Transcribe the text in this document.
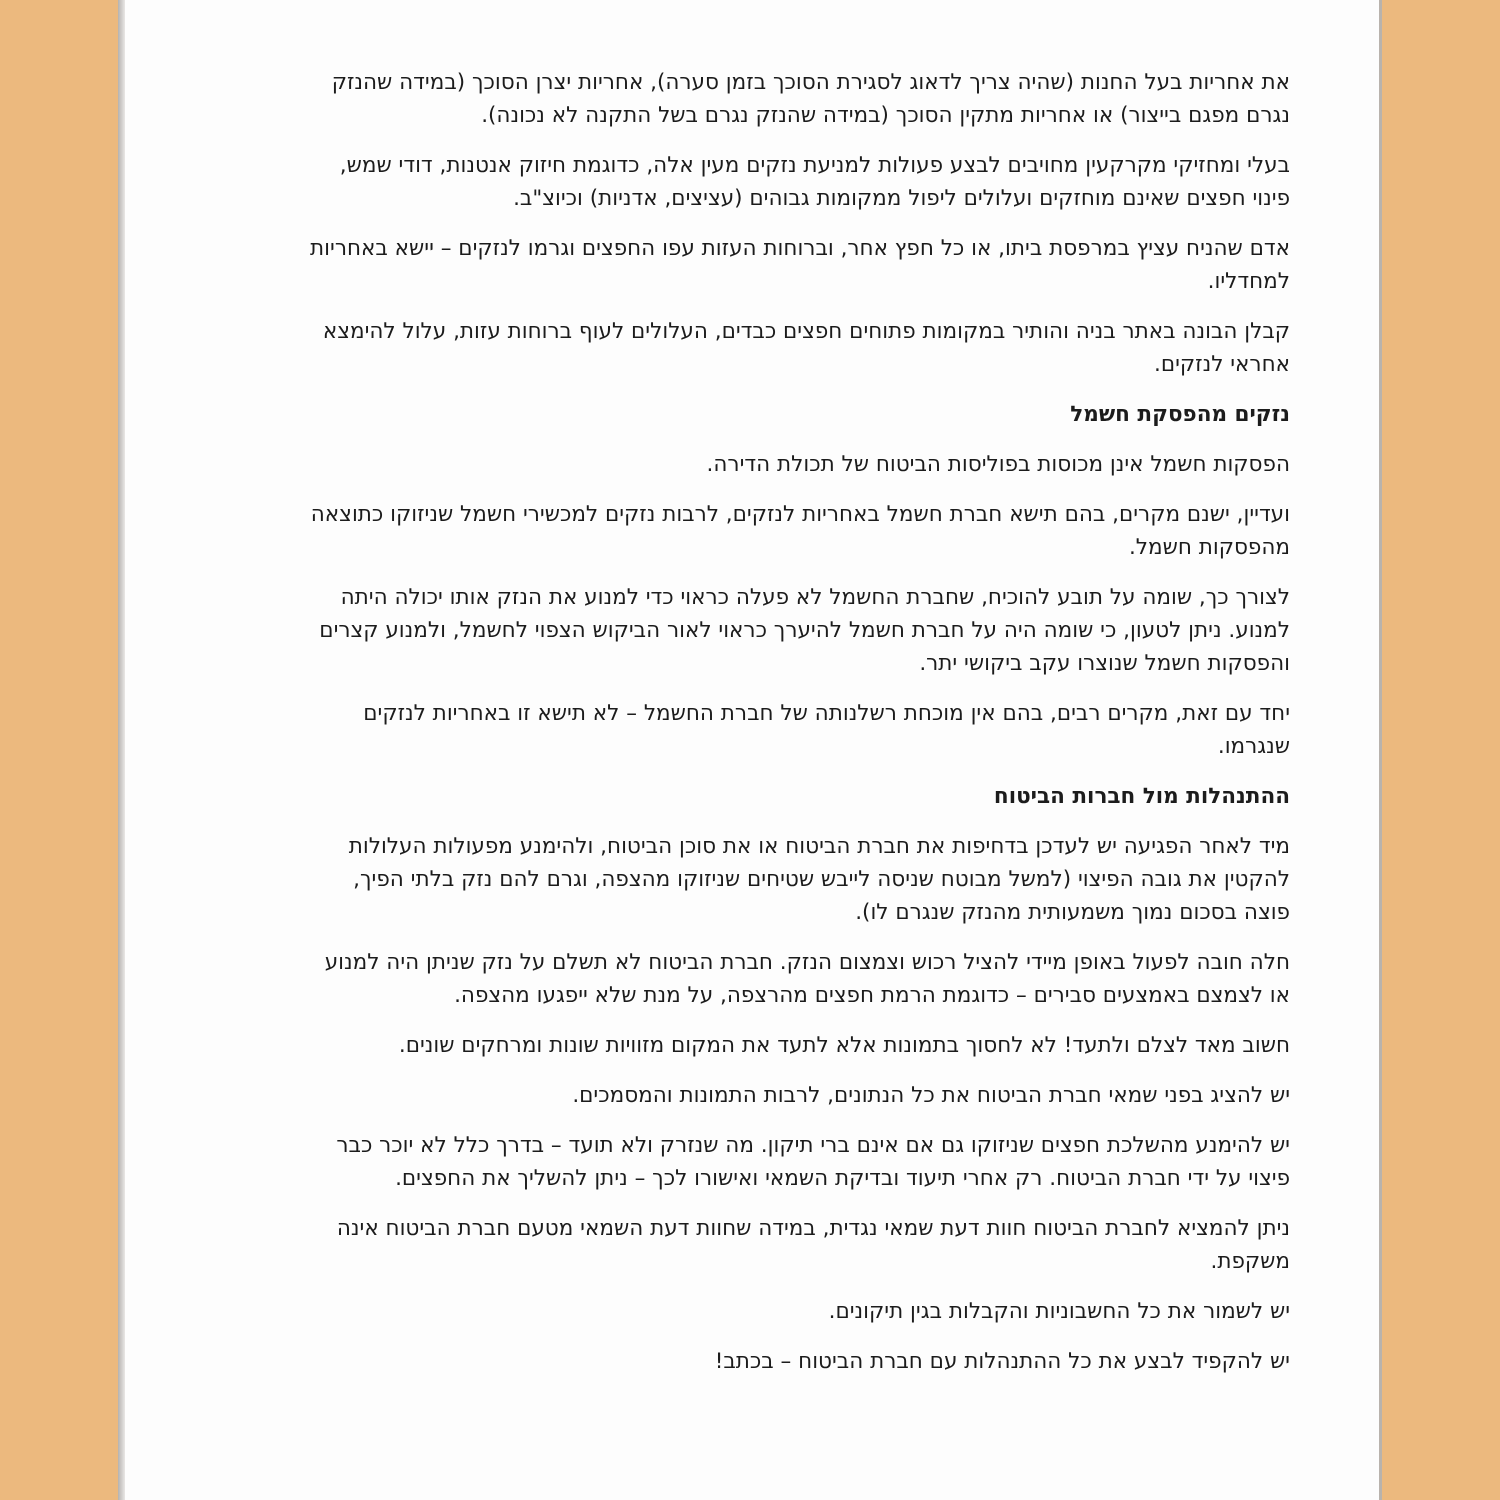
את אחריות בעל החנות (שהיה צריך לדאוג לסגירת הסוכך בזמן סערה), אחריות יצרן הסוכך (במידה שהנזק נגרם מפגם בייצור) או אחריות מתקין הסוכך (במידה שהנזק נגרם בשל התקנה לא נכונה).

בעלי ומחזיקי מקרקעין מחויבים לבצע פעולות למניעת נזקים מעין אלה, כדוגמת חיזוק אנטנות, דודי שמש, פינוי חפצים שאינם מוחזקים ועלולים ליפול ממקומות גבוהים (עציצים, אדניות) וכיוצ"ב.

אדם שהניח עציץ במרפסת ביתו, או כל חפץ אחר, וברוחות העזות עפו החפצים וגרמו לנזקים – יישא באחריות למחדליו.

קבלן הבונה באתר בניה והותיר במקומות פתוחים חפצים כבדים, העלולים לעוף ברוחות עזות, עלול להימצא אחראי לנזקים.

נזקים מהפסקת חשמל

הפסקות חשמל אינן מכוסות בפוליסות הביטוח של תכולת הדירה.

ועדיין, ישנם מקרים, בהם תישא חברת חשמל באחריות לנזקים, לרבות נזקים למכשירי חשמל שניזוקו כתוצאה מהפסקות חשמל.

לצורך כך, שומה על תובע להוכיח, שחברת החשמל לא פעלה כראוי כדי למנוע את הנזק אותו יכולה היתה למנוע. ניתן לטעון, כי שומה היה על חברת חשמל להיערך כראוי לאור הביקוש הצפוי לחשמל, ולמנוע קצרים והפסקות חשמל שנוצרו עקב ביקושי יתר.

יחד עם זאת, מקרים רבים, בהם אין מוכחת רשלנותה של חברת החשמל – לא תישא זו באחריות לנזקים שנגרמו.

ההתנהלות מול חברות הביטוח

מיד לאחר הפגיעה יש לעדכן בדחיפות את חברת הביטוח או את סוכן הביטוח, ולהימנע מפעולות העלולות להקטין את גובה הפיצוי (למשל מבוטח שניסה לייבש שטיחים שניזוקו מהצפה, וגרם להם נזק בלתי הפיך, פוצה בסכום נמוך משמעותית מהנזק שנגרם לו).

חלה חובה לפעול באופן מיידי להציל רכוש וצמצום הנזק. חברת הביטוח לא תשלם על נזק שניתן היה למנוע או לצמצם באמצעים סבירים – כדוגמת הרמת חפצים מהרצפה, על מנת שלא ייפגעו מהצפה.

חשוב מאד לצלם ולתעד! לא לחסוך בתמונות אלא לתעד את המקום מזוויות שונות ומרחקים שונים.

יש להציג בפני שמאי חברת הביטוח את כל הנתונים, לרבות התמונות והמסמכים.

יש להימנע מהשלכת חפצים שניזוקו גם אם אינם ברי תיקון. מה שנזרק ולא תועד – בדרך כלל לא יוכר כבר פיצוי על ידי חברת הביטוח. רק אחרי תיעוד ובדיקת השמאי ואישורו לכך – ניתן להשליך את החפצים.

ניתן להמציא לחברת הביטוח חוות דעת שמאי נגדית, במידה שחוות דעת השמאי מטעם חברת הביטוח אינה משקפת.

יש לשמור את כל החשבוניות והקבלות בגין תיקונים.

יש להקפיד לבצע את כל ההתנהלות עם חברת הביטוח – בכתב!
